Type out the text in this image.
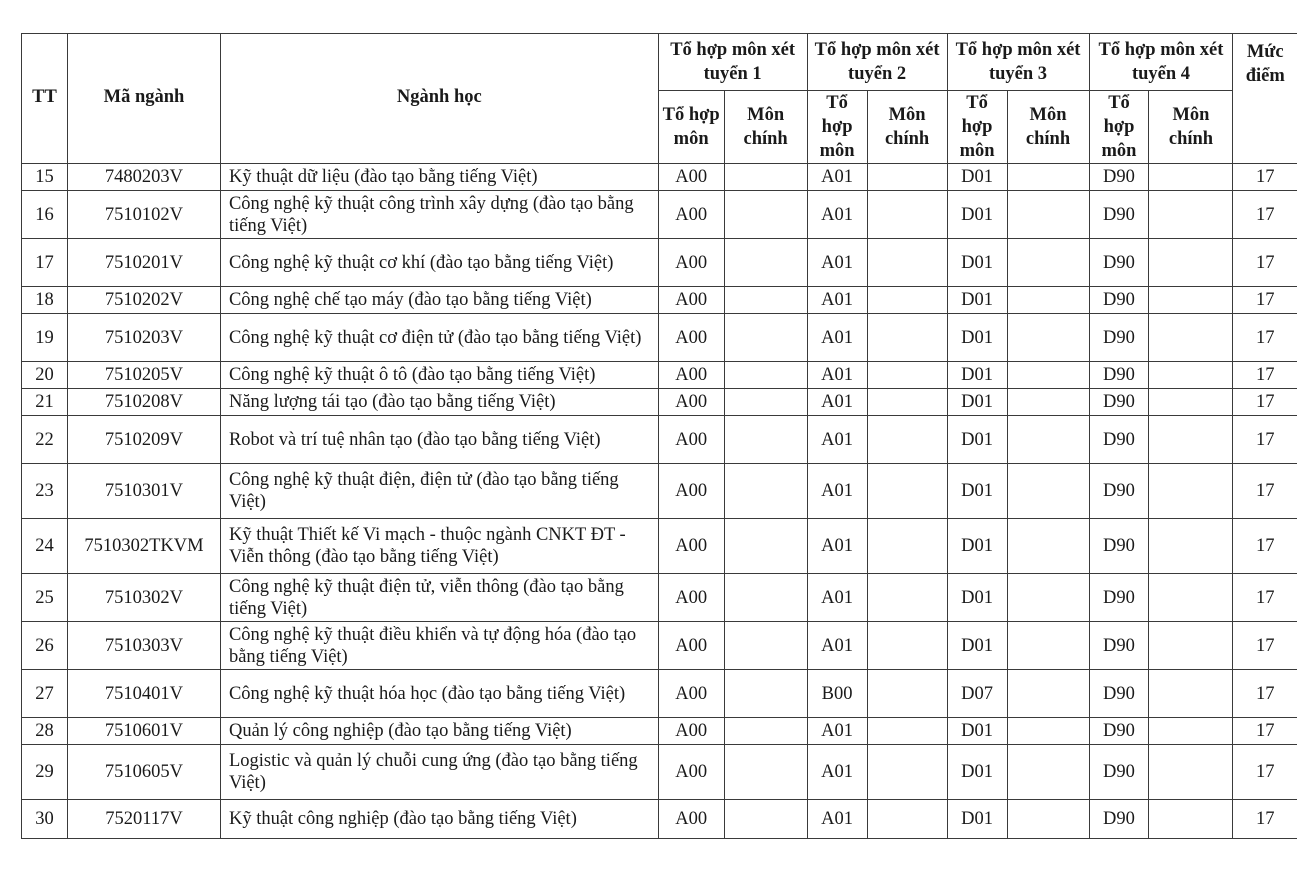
TT	Mã ngành	Ngành học	Tổ hợp môn xét tuyển 1		Tổ hợp môn xét tuyển 2		Tổ hợp môn xét tuyển 3		Tổ hợp môn xét tuyển 4		Mức điểm
			Tổ hợp môn	Môn chính	Tổ hợp môn	Môn chính	Tổ hợp môn	Môn chính	Tổ hợp môn	Môn chính	
15	7480203V	Kỹ thuật dữ liệu (đào tạo bằng tiếng Việt)	A00		A01		D01		D90		17
16	7510102V	Công nghệ kỹ thuật công trình xây dựng (đào tạo bằng tiếng Việt)	A00		A01		D01		D90		17
17	7510201V	Công nghệ kỹ thuật cơ khí (đào tạo bằng tiếng Việt)	A00		A01		D01		D90		17
18	7510202V	Công nghệ chế tạo máy (đào tạo bằng tiếng Việt)	A00		A01		D01		D90		17
19	7510203V	Công nghệ kỹ thuật cơ điện tử (đào tạo bằng tiếng Việt)	A00		A01		D01		D90		17
20	7510205V	Công nghệ kỹ thuật ô tô (đào tạo bằng tiếng Việt)	A00		A01		D01		D90		17
21	7510208V	Năng lượng tái tạo (đào tạo bằng tiếng Việt)	A00		A01		D01		D90		17
22	7510209V	Robot và trí tuệ nhân tạo (đào tạo bằng tiếng Việt)	A00		A01		D01		D90		17
23	7510301V	Công nghệ kỹ thuật điện, điện tử (đào tạo bằng tiếng Việt)	A00		A01		D01		D90		17
24	7510302TKVM	Kỹ thuật Thiết kế Vi mạch - thuộc ngành CNKT ĐT - Viễn thông (đào tạo bằng tiếng Việt)	A00		A01		D01		D90		17
25	7510302V	Công nghệ kỹ thuật điện tử, viễn thông (đào tạo bằng tiếng Việt)	A00		A01		D01		D90		17
26	7510303V	Công nghệ kỹ thuật điều khiển và tự động hóa (đào tạo bằng tiếng Việt)	A00		A01		D01		D90		17
27	7510401V	Công nghệ kỹ thuật hóa học (đào tạo bằng tiếng Việt)	A00		B00		D07		D90		17
28	7510601V	Quản lý công nghiệp (đào tạo bằng tiếng Việt)	A00		A01		D01		D90		17
29	7510605V	Logistic và quản lý chuỗi cung ứng (đào tạo bằng tiếng Việt)	A00		A01		D01		D90		17
30	7520117V	Kỹ thuật công nghiệp (đào tạo bằng tiếng Việt)	A00		A01		D01		D90		17
